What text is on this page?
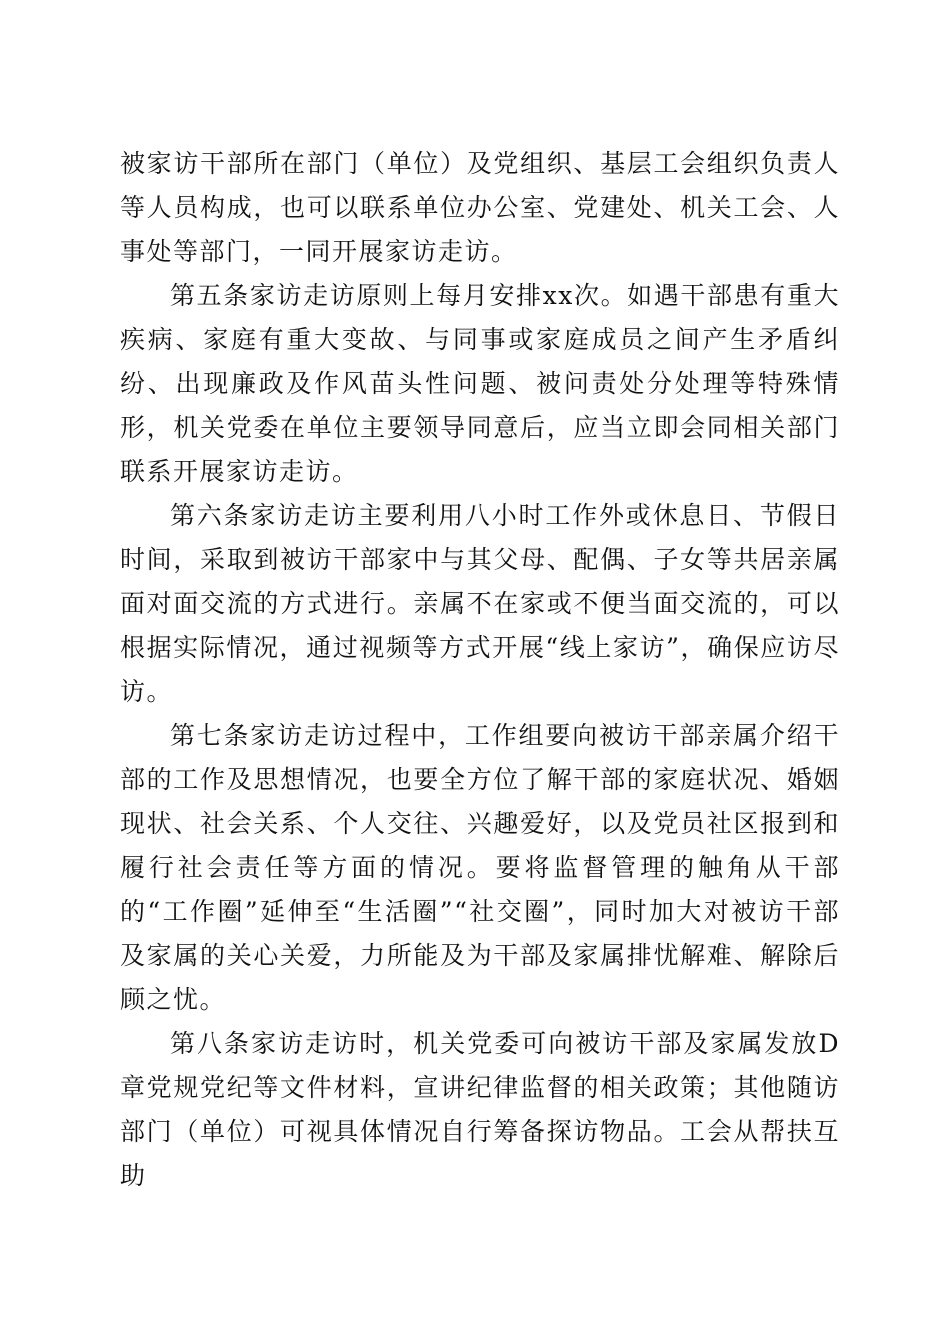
被家访干部所在部门（单位）及党组织、基层工会组织负责人等人员构成，也可以联系单位办公室、党建处、机关工会、人事处等部门，一同开展家访走访。

第五条家访走访原则上每月安排xx次。如遇干部患有重大疾病、家庭有重大变故、与同事或家庭成员之间产生矛盾纠纷、出现廉政及作风苗头性问题、被问责处分处理等特殊情形，机关党委在单位主要领导同意后，应当立即会同相关部门联系开展家访走访。

第六条家访走访主要利用八小时工作外或休息日、节假日时间，采取到被访干部家中与其父母、配偶、子女等共居亲属面对面交流的方式进行。亲属不在家或不便当面交流的，可以根据实际情况，通过视频等方式开展“线上家访”，确保应访尽访。

第七条家访走访过程中，工作组要向被访干部亲属介绍干部的工作及思想情况，也要全方位了解干部的家庭状况、婚姻现状、社会关系、个人交往、兴趣爱好，以及党员社区报到和履行社会责任等方面的情况。要将监督管理的触角从干部的“工作圈”延伸至“生活圈”“社交圈”，同时加大对被访干部及家属的关心关爱，力所能及为干部及家属排忧解难、解除后顾之忧。

第八条家访走访时，机关党委可向被访干部及家属发放D章党规党纪等文件材料，宣讲纪律监督的相关政策；其他随访部门（单位）可视具体情况自行筹备探访物品。工会从帮扶互助
